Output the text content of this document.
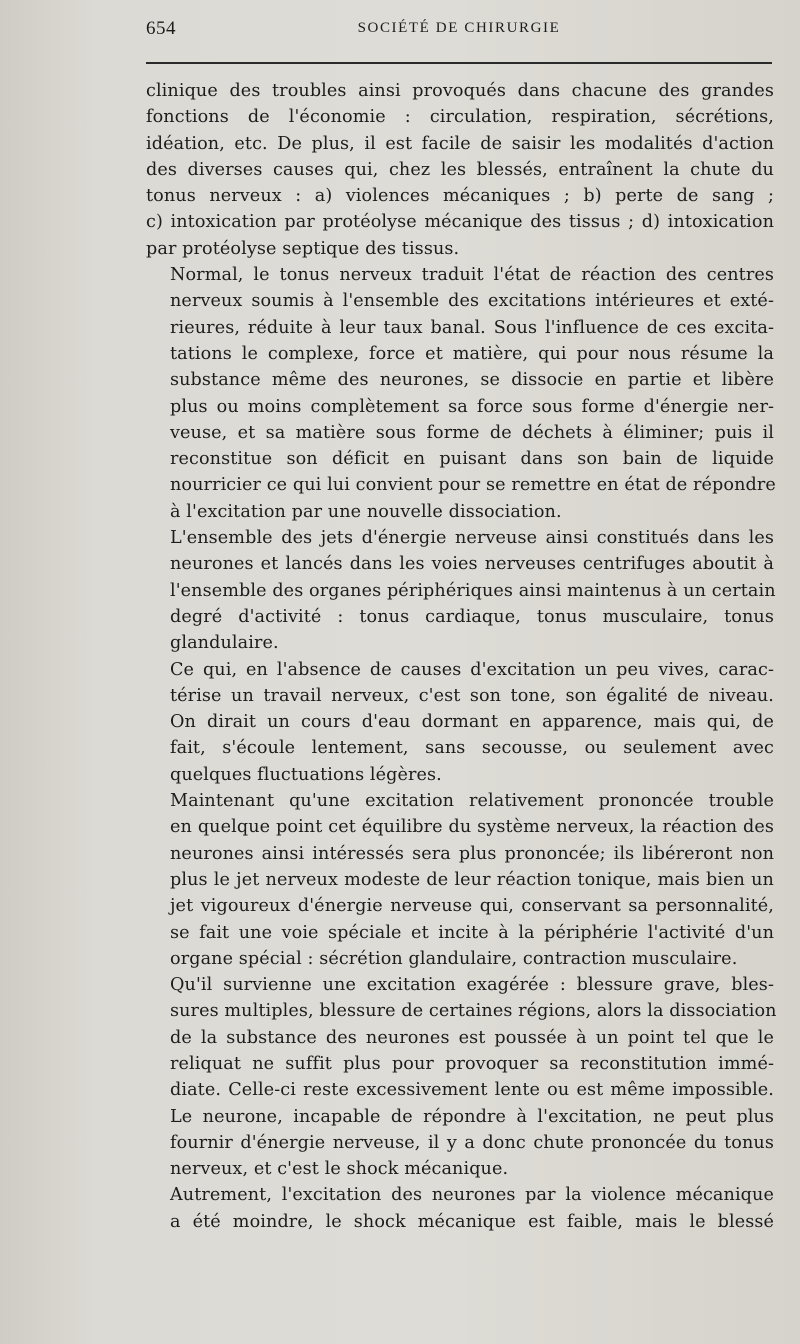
654	SOCIÉTÉ DE CHIRURGIE

clinique des troubles ainsi provoqués dans chacune des grandes
fonctions de l'économie : circulation, respiration, sécrétions,
idéation, etc. De plus, il est facile de saisir les modalités d'action
des diverses causes qui, chez les blessés, entraînent la chute du
tonus nerveux : a) violences mécaniques ; b) perte de sang ;
c) intoxication par protéolyse mécanique des tissus ; d) intoxication
par protéolyse septique des tissus.

Normal, le tonus nerveux traduit l'état de réaction des centres
nerveux soumis à l'ensemble des excitations intérieures et exté-
rieures, réduite à leur taux banal. Sous l'influence de ces excita-
tations le complexe, force et matière, qui pour nous résume la
substance même des neurones, se dissocie en partie et libère
plus ou moins complètement sa force sous forme d'énergie ner-
veuse, et sa matière sous forme de déchets à éliminer; puis il
reconstitue son déficit en puisant dans son bain de liquide
nourricier ce qui lui convient pour se remettre en état de répondre
à l'excitation par une nouvelle dissociation.

L'ensemble des jets d'énergie nerveuse ainsi constitués dans les
neurones et lancés dans les voies nerveuses centrifuges aboutit à
l'ensemble des organes périphériques ainsi maintenus à un certain
degré d'activité : tonus cardiaque, tonus musculaire, tonus
glandulaire.

Ce qui, en l'absence de causes d'excitation un peu vives, carac-
térise un travail nerveux, c'est son tone, son égalité de niveau.
On dirait un cours d'eau dormant en apparence, mais qui, de
fait, s'écoule lentement, sans secousse, ou seulement avec
quelques fluctuations légères.

Maintenant qu'une excitation relativement prononcée trouble
en quelque point cet équilibre du système nerveux, la réaction des
neurones ainsi intéressés sera plus prononcée; ils libéreront non
plus le jet nerveux modeste de leur réaction tonique, mais bien un
jet vigoureux d'énergie nerveuse qui, conservant sa personnalité,
se fait une voie spéciale et incite à la périphérie l'activité d'un
organe spécial : sécrétion glandulaire, contraction musculaire.

Qu'il survienne une excitation exagérée : blessure grave, bles-
sures multiples, blessure de certaines régions, alors la dissociation
de la substance des neurones est poussée à un point tel que le
reliquat ne suffit plus pour provoquer sa reconstitution immé-
diate. Celle-ci reste excessivement lente ou est même impossible.
Le neurone, incapable de répondre à l'excitation, ne peut plus
fournir d'énergie nerveuse, il y a donc chute prononcée du tonus
nerveux, et c'est le shock mécanique.

Autrement, l'excitation des neurones par la violence mécanique
a été moindre, le shock mécanique est faible, mais le blessé
